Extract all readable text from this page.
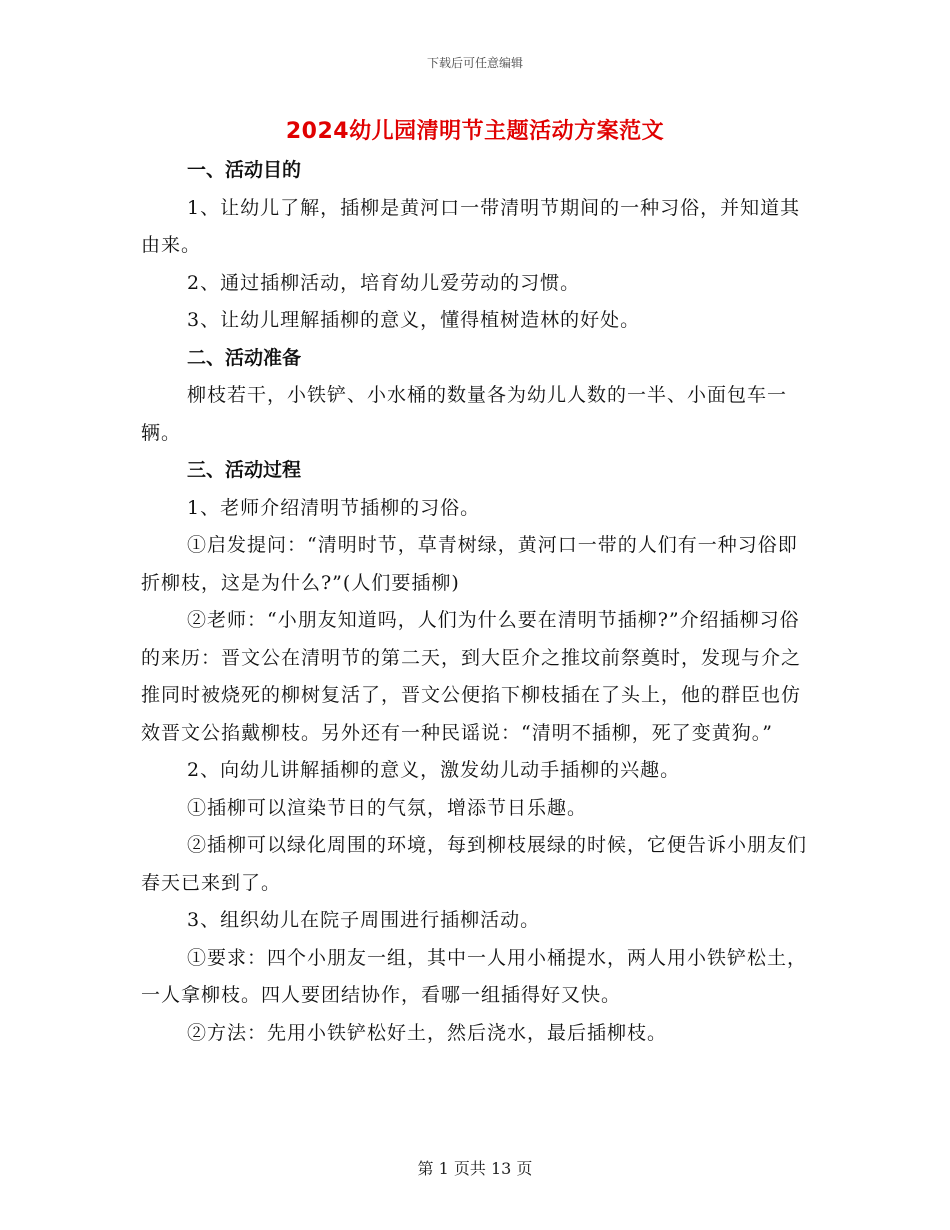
下载后可任意编辑
2024幼儿园清明节主题活动方案范文

一、活动目的

1、让幼儿了解，插柳是黄河口一带清明节期间的一种习俗，并知道其由来。

2、通过插柳活动，培育幼儿爱劳动的习惯。

3、让幼儿理解插柳的意义，懂得植树造林的好处。

二、活动准备

柳枝若干，小铁铲、小水桶的数量各为幼儿人数的一半、小面包车一辆。

三、活动过程

1、老师介绍清明节插柳的习俗。

①启发提问：“清明时节，草青树绿，黄河口一带的人们有一种习俗即折柳枝，这是为什么?”(人们要插柳)

②老师：“小朋友知道吗，人们为什么要在清明节插柳?”介绍插柳习俗的来历：晋文公在清明节的第二天，到大臣介之推坟前祭奠时，发现与介之推同时被烧死的柳树复活了，晋文公便掐下柳枝插在了头上，他的群臣也仿效晋文公掐戴柳枝。另外还有一种民谣说：“清明不插柳，死了变黄狗。”

2、向幼儿讲解插柳的意义，激发幼儿动手插柳的兴趣。

①插柳可以渲染节日的气氛，增添节日乐趣。

②插柳可以绿化周围的环境，每到柳枝展绿的时候，它便告诉小朋友们春天已来到了。

3、组织幼儿在院子周围进行插柳活动。

①要求：四个小朋友一组，其中一人用小桶提水，两人用小铁铲松土，一人拿柳枝。四人要团结协作，看哪一组插得好又快。

②方法：先用小铁铲松好土，然后浇水，最后插柳枝。

第 1 页共 13 页
